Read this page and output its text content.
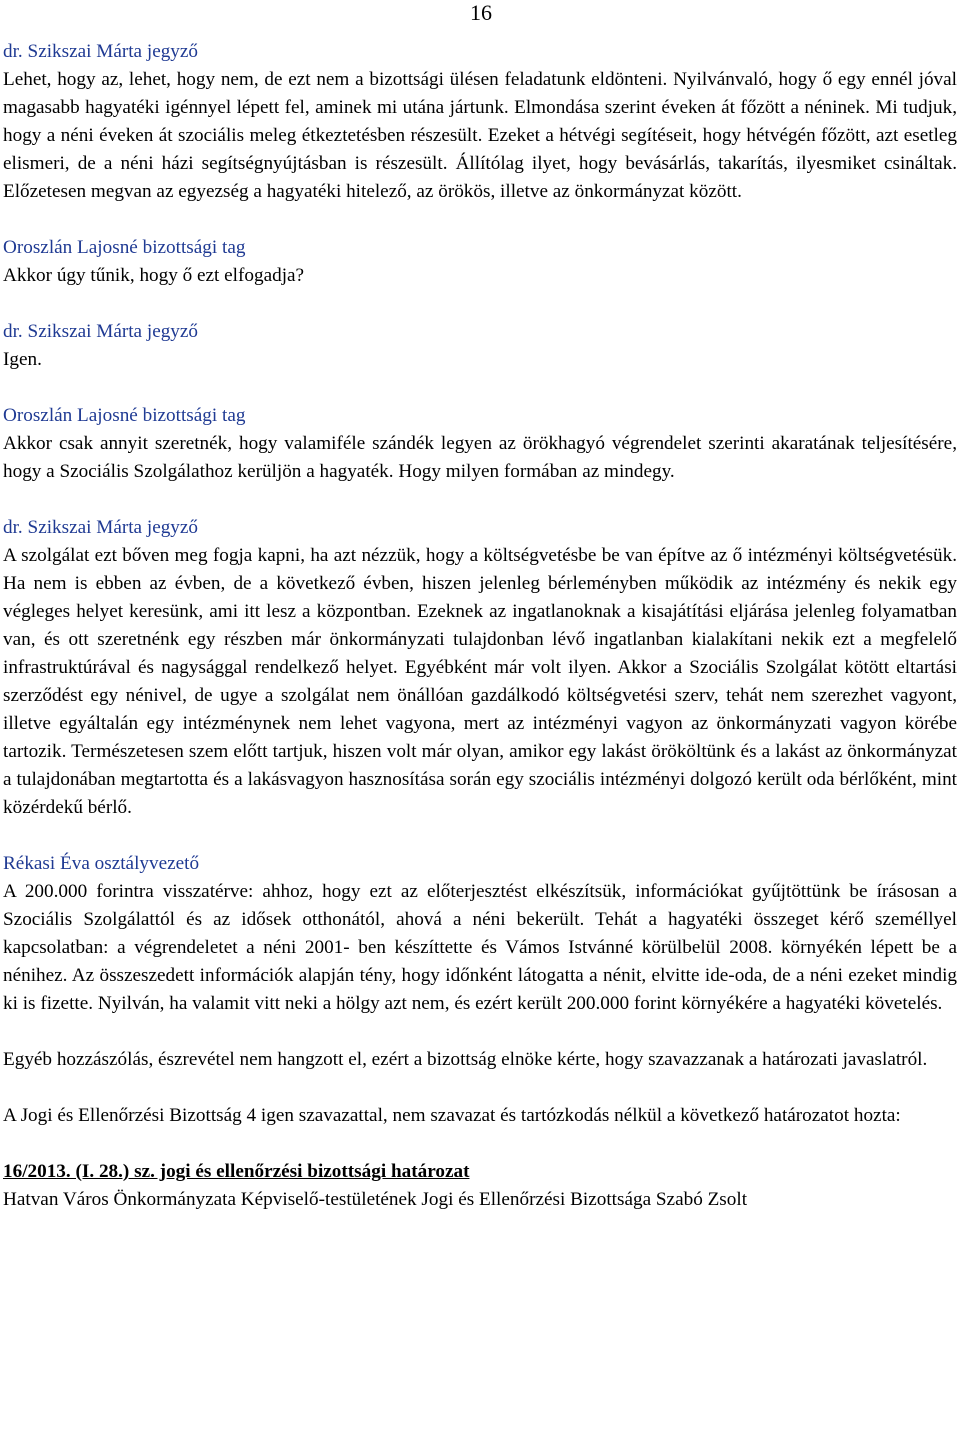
16

dr. Szikszai Márta jegyző

Lehet, hogy az, lehet, hogy nem, de ezt nem a bizottsági ülésen feladatunk eldönteni. Nyilvánvaló, hogy ő egy ennél jóval magasabb hagyatéki igénnyel lépett fel, aminek mi utána jártunk. Elmondása szerint éveken át főzött a néninek. Mi tudjuk, hogy a néni éveken át szociális meleg étkeztetésben részesült. Ezeket a hétvégi segítéseit, hogy hétvégén főzött, azt esetleg elismeri, de a néni házi segítségnyújtásban is részesült. Állítólag ilyet, hogy bevásárlás, takarítás, ilyesmiket csináltak. Előzetesen megvan az egyezség a hagyatéki hitelező, az örökös, illetve az önkormányzat között.

Oroszlán Lajosné bizottsági tag

Akkor úgy tűnik, hogy ő ezt elfogadja?

dr. Szikszai Márta jegyző

Igen.

Oroszlán Lajosné bizottsági tag

Akkor csak annyit szeretnék, hogy valamiféle szándék legyen az örökhagyó végrendelet szerinti akaratának teljesítésére, hogy a Szociális Szolgálathoz kerüljön a hagyaték. Hogy milyen formában az mindegy.

dr. Szikszai Márta jegyző

A szolgálat ezt bőven meg fogja kapni, ha azt nézzük, hogy a költségvetésbe be van építve az ő intézményi költségvetésük. Ha nem is ebben az évben, de a következő évben, hiszen jelenleg bérleményben működik az intézmény és nekik egy végleges helyet keresünk, ami itt lesz a központban. Ezeknek az ingatlanoknak a kisajátítási eljárása jelenleg folyamatban van, és ott szeretnénk egy részben már önkormányzati tulajdonban lévő ingatlanban kialakítani nekik ezt a megfelelő infrastruktúrával és nagysággal rendelkező helyet. Egyébként már volt ilyen. Akkor a Szociális Szolgálat kötött eltartási szerződést egy nénivel, de ugye a szolgálat nem önállóan gazdálkodó költségvetési szerv, tehát nem szerezhet vagyont, illetve egyáltalán egy intézménynek nem lehet vagyona, mert az intézményi vagyon az önkormányzati vagyon körébe tartozik. Természetesen szem előtt tartjuk, hiszen volt már olyan, amikor egy lakást örököltünk és a lakást az önkormányzat a tulajdonában megtartotta és a lakásvagyon hasznosítása során egy szociális intézményi dolgozó került oda bérlőként, mint közérdekű bérlő.

Rékasi Éva osztályvezető

A 200.000 forintra visszatérve: ahhoz, hogy ezt az előterjesztést elkészítsük, információkat gyűjtöttünk be írásosan a Szociális Szolgálattól és az idősek otthonától, ahová a néni bekerült. Tehát a hagyatéki összeget kérő személlyel kapcsolatban: a végrendeletet a néni 2001- ben készíttette és Vámos Istvánné körülbelül 2008. környékén lépett be a nénihez. Az összeszedett információk alapján tény, hogy időnként látogatta a nénit, elvitte ide-oda, de a néni ezeket mindig ki is fizette. Nyilván, ha valamit vitt neki a hölgy azt nem, és ezért került 200.000 forint környékére a hagyatéki követelés.

Egyéb hozzászólás, észrevétel nem hangzott el, ezért a bizottság elnöke kérte, hogy szavazzanak a határozati javaslatról.

A Jogi és Ellenőrzési Bizottság 4 igen szavazattal, nem szavazat és tartózkodás nélkül a következő határozatot hozta:

16/2013. (I. 28.) sz. jogi és ellenőrzési bizottsági határozat

Hatvan Város Önkormányzata Képviselő-testületének Jogi és Ellenőrzési Bizottsága Szabó Zsolt
